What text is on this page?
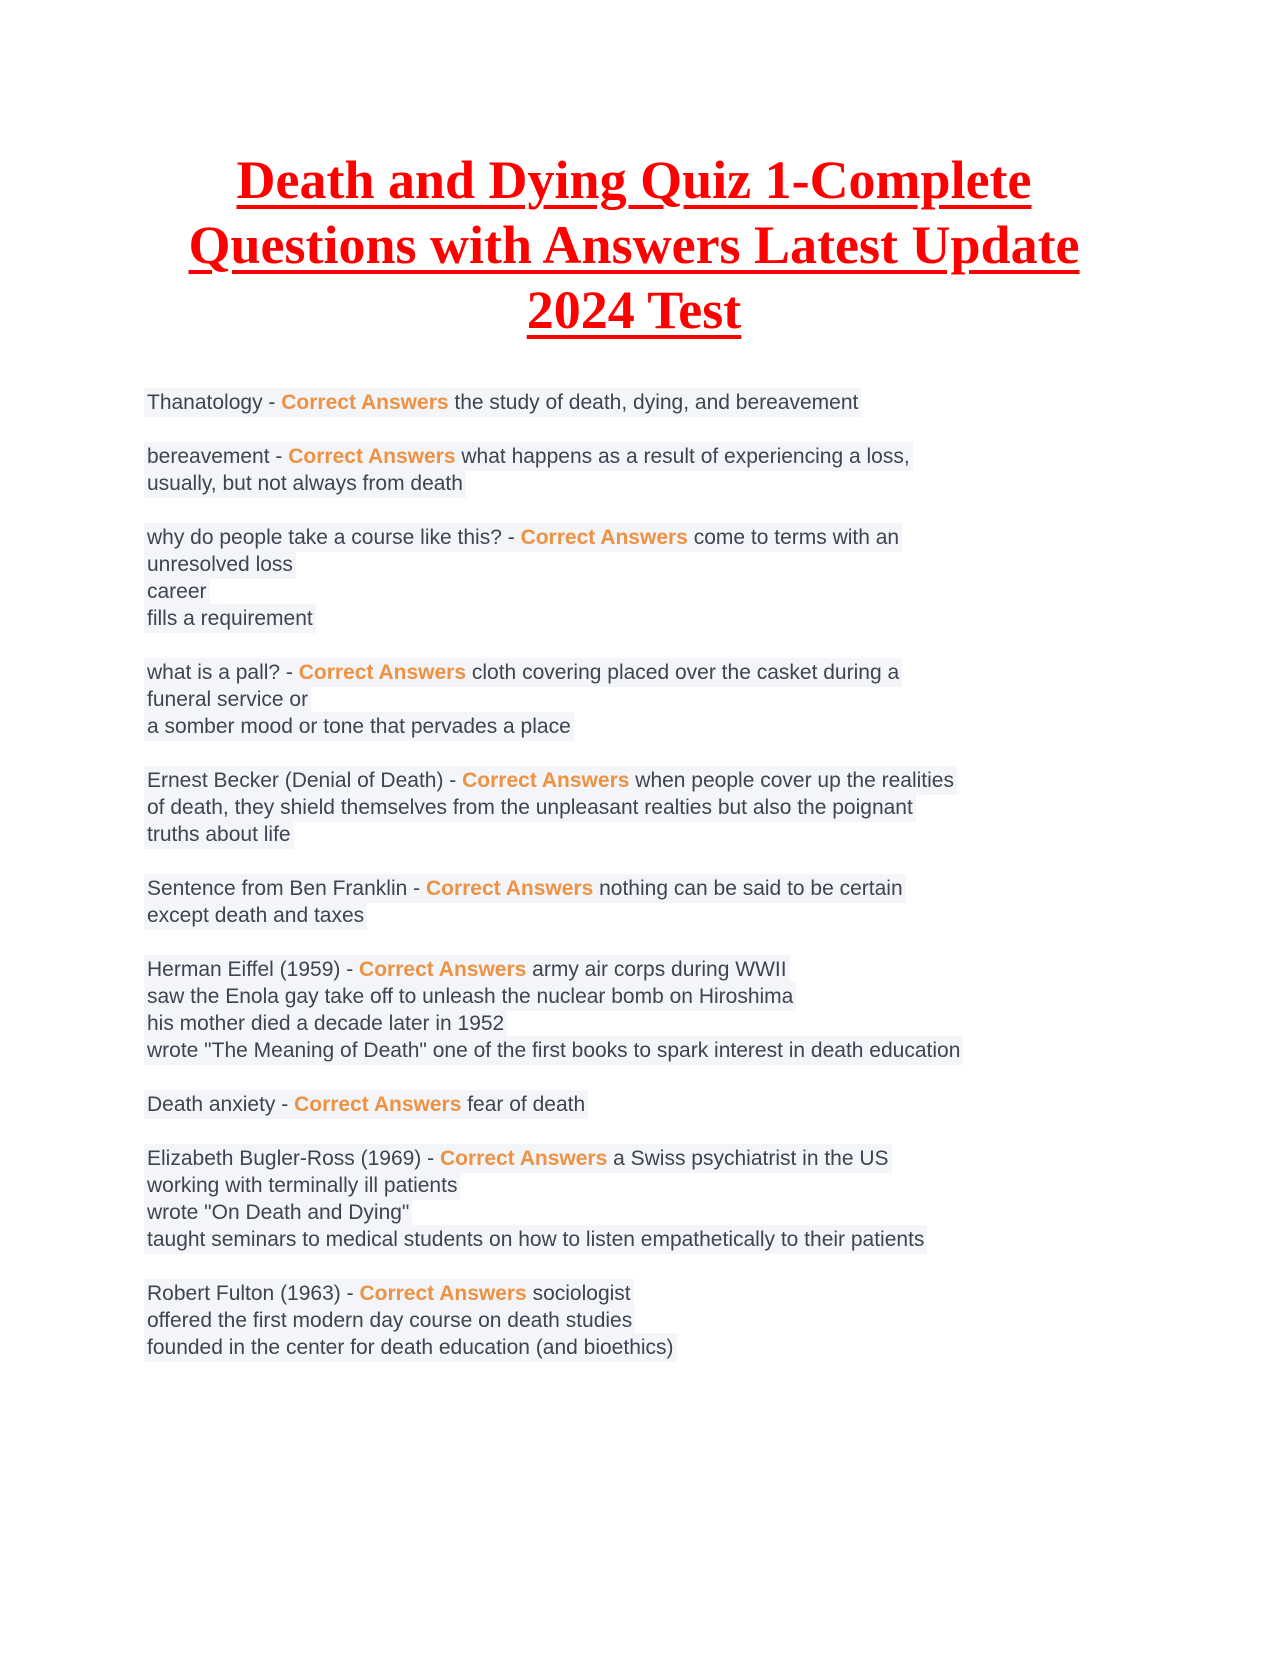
Death and Dying Quiz 1-Complete
Questions with Answers Latest Update
2024 Test

Thanatology - Correct Answers the study of death, dying, and bereavement

bereavement - Correct Answers what happens as a result of experiencing a loss,
usually, but not always from death

why do people take a course like this? - Correct Answers come to terms with an
unresolved loss
career
fills a requirement

what is a pall? - Correct Answers cloth covering placed over the casket during a
funeral service or
a somber mood or tone that pervades a place

Ernest Becker (Denial of Death) - Correct Answers when people cover up the realities
of death, they shield themselves from the unpleasant realties but also the poignant
truths about life

Sentence from Ben Franklin - Correct Answers nothing can be said to be certain
except death and taxes

Herman Eiffel (1959) - Correct Answers army air corps during WWII
saw the Enola gay take off to unleash the nuclear bomb on Hiroshima
his mother died a decade later in 1952
wrote "The Meaning of Death" one of the first books to spark interest in death education

Death anxiety - Correct Answers fear of death

Elizabeth Bugler-Ross (1969) - Correct Answers a Swiss psychiatrist in the US
working with terminally ill patients
wrote "On Death and Dying"
taught seminars to medical students on how to listen empathetically to their patients

Robert Fulton (1963) - Correct Answers sociologist
offered the first modern day course on death studies
founded in the center for death education (and bioethics)
